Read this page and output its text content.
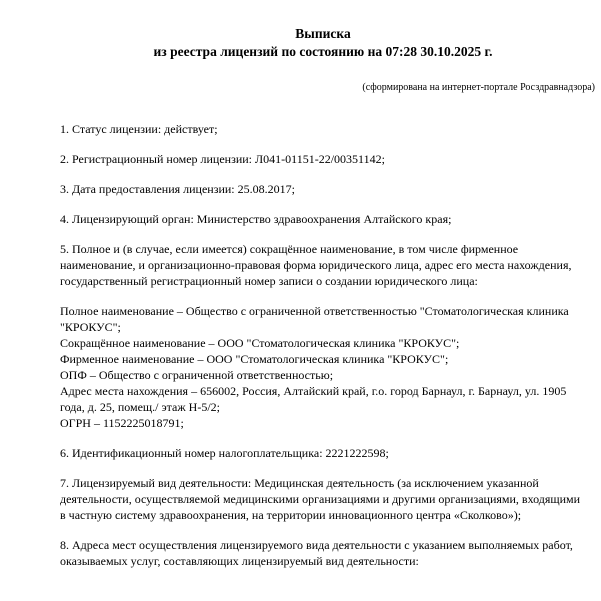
Выписка
из реестра лицензий по состоянию на 07:28 30.10.2025 г.
(сформирована на интернет-портале Росздравнадзора)

1. Статус лицензии: действует;

2. Регистрационный номер лицензии: Л041-01151-22/00351142;

3. Дата предоставления лицензии: 25.08.2017;

4. Лицензирующий орган: Министерство здравоохранения Алтайского края;

5. Полное и (в случае, если имеется) сокращённое наименование, в том числе фирменное наименование, и организационно-правовая форма юридического лица, адрес его места нахождения, государственный регистрационный номер записи о создании юридического лица:

Полное наименование – Общество с ограниченной ответственностью "Стоматологическая клиника "КРОКУС";
Сокращённое наименование – ООО "Стоматологическая клиника "КРОКУС";
Фирменное наименование – ООО "Стоматологическая клиника "КРОКУС";
ОПФ – Общество с ограниченной ответственностью;
Адрес места нахождения – 656002, Россия, Алтайский край, г.о. город Барнаул, г. Барнаул, ул. 1905 года, д. 25, помещ./ этаж Н-5/2;
ОГРН – 1152225018791;

6. Идентификационный номер налогоплательщика: 2221222598;

7. Лицензируемый вид деятельности: Медицинская деятельность (за исключением указанной деятельности, осуществляемой медицинскими организациями и другими организациями, входящими в частную систему здравоохранения, на территории инновационного центра «Сколково»);

8. Адреса мест осуществления лицензируемого вида деятельности с указанием выполняемых работ, оказываемых услуг, составляющих лицензируемый вид деятельности:
